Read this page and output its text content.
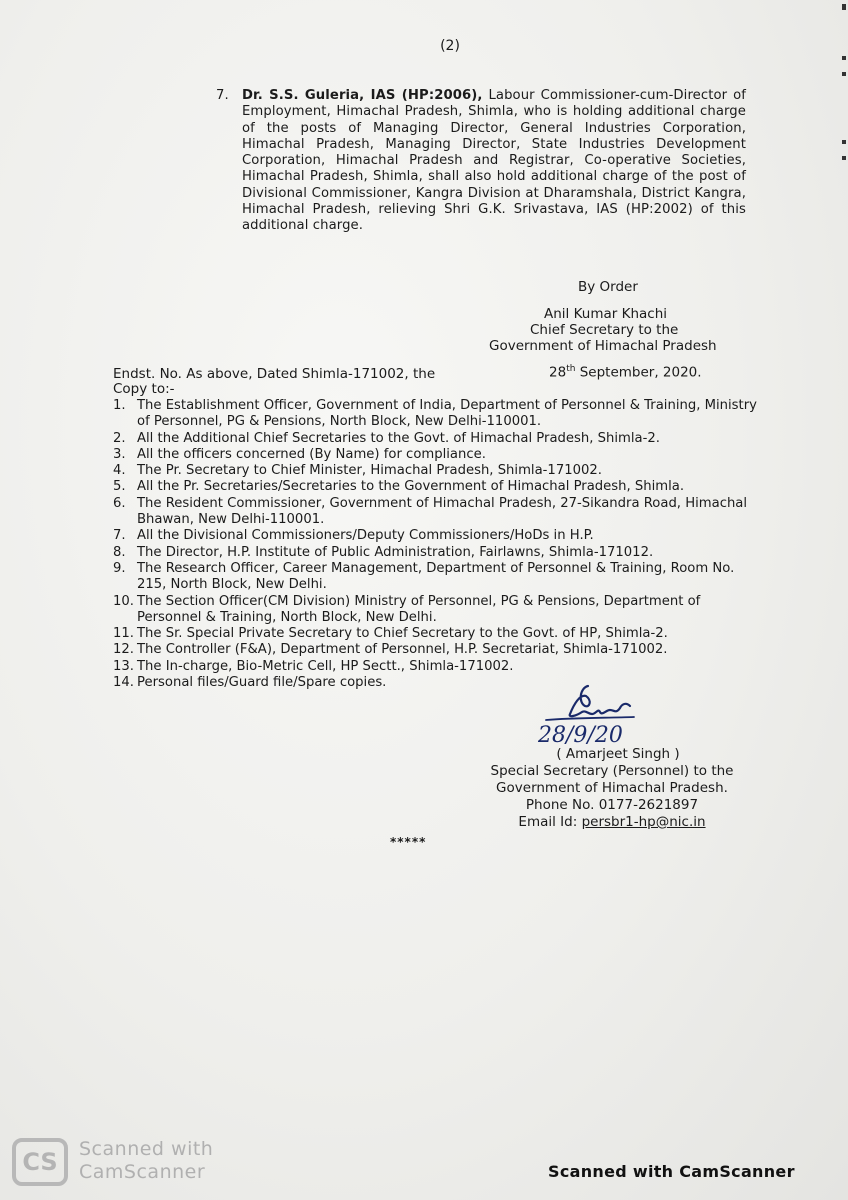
(2)
7. Dr. S.S. Guleria, IAS (HP:2006), Labour Commissioner-cum-Director of Employment, Himachal Pradesh, Shimla, who is holding additional charge of the posts of Managing Director, General Industries Corporation, Himachal Pradesh, Managing Director, State Industries Development Corporation, Himachal Pradesh and Registrar, Co-operative Societies, Himachal Pradesh, Shimla, shall also hold additional charge of the post of Divisional Commissioner, Kangra Division at Dharamshala, District Kangra, Himachal Pradesh, relieving Shri G.K. Srivastava, IAS (HP:2002) of this additional charge.
By Order
Anil Kumar Khachi
Chief Secretary to the
Government of Himachal Pradesh
Endst. No. As above, Dated Shimla-171002, the	28th September, 2020.
Copy to:-
1. The Establishment Officer, Government of India, Department of Personnel & Training, Ministry of Personnel, PG & Pensions, North Block, New Delhi-110001.
2. All the Additional Chief Secretaries to the Govt. of Himachal Pradesh, Shimla-2.
3. All the officers concerned (By Name) for compliance.
4. The Pr. Secretary to Chief Minister, Himachal Pradesh, Shimla-171002.
5. All the Pr. Secretaries/Secretaries to the Government of Himachal Pradesh, Shimla.
6. The Resident Commissioner, Government of Himachal Pradesh, 27-Sikandra Road, Himachal Bhawan, New Delhi-110001.
7. All the Divisional Commissioners/Deputy Commissioners/HoDs in H.P.
8. The Director, H.P. Institute of Public Administration, Fairlawns, Shimla-171012.
9. The Research Officer, Career Management, Department of Personnel & Training, Room No. 215, North Block, New Delhi.
10. The Section Officer(CM Division) Ministry of Personnel, PG & Pensions, Department of Personnel & Training, North Block, New Delhi.
11. The Sr. Special Private Secretary to Chief Secretary to the Govt. of HP, Shimla-2.
12. The Controller (F&A), Department of Personnel, H.P. Secretariat, Shimla-171002.
13. The In-charge, Bio-Metric Cell, HP Sectt., Shimla-171002.
14. Personal files/Guard file/Spare copies.
28/9/20
( Amarjeet Singh )
Special Secretary (Personnel) to the
Government of Himachal Pradesh.
Phone No. 0177-2621897
Email Id: persbr1-hp@nic.in
*****
CS	Scanned with
CamScanner	Scanned with CamScanner
